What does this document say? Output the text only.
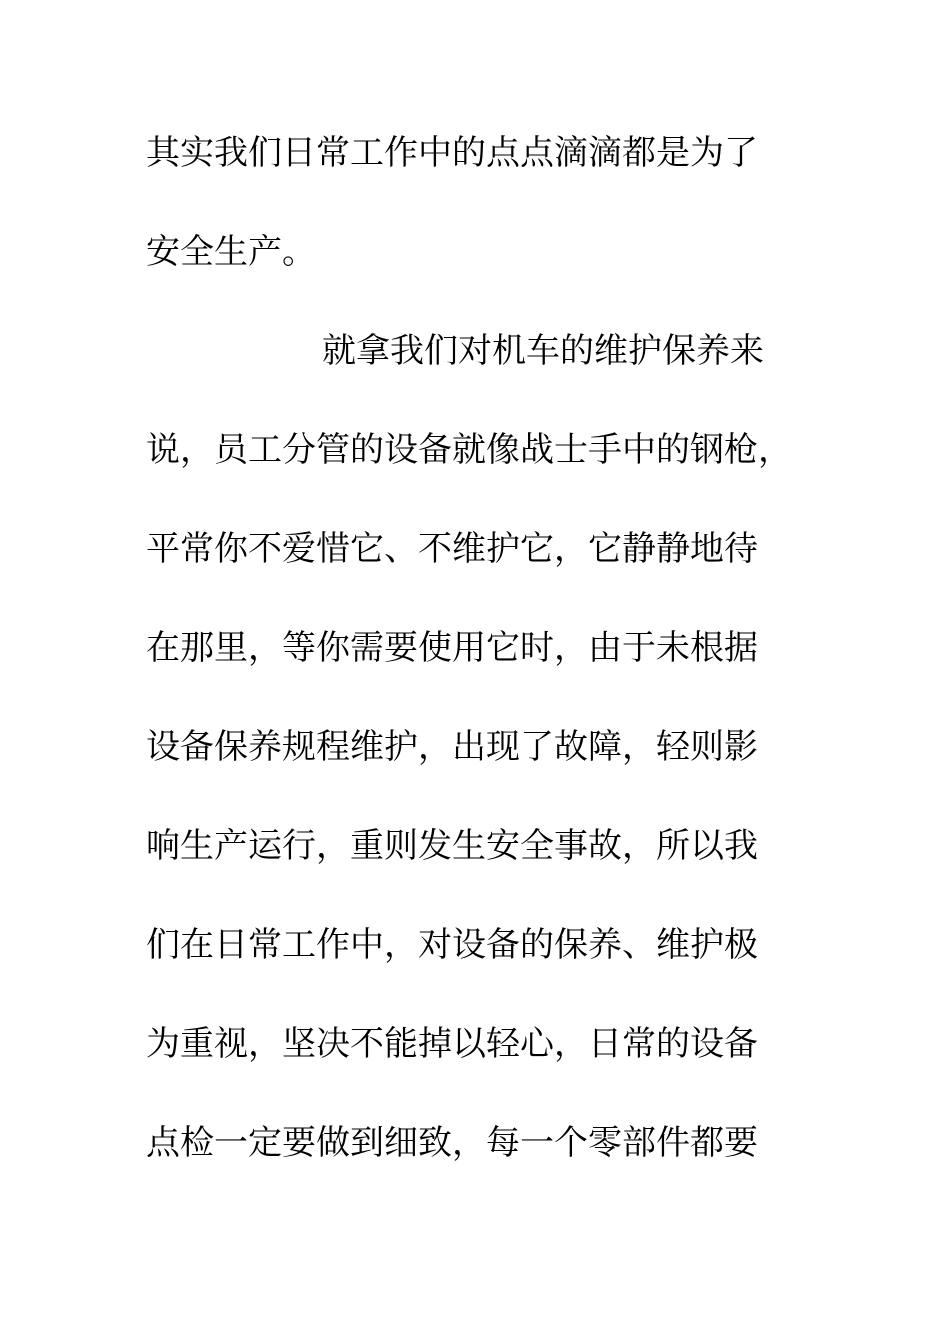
其实我们日常工作中的点点滴滴都是为了
安全生产。
就拿我们对机车的维护保养来
说，员工分管的设备就像战士手中的钢枪，
平常你不爱惜它、不维护它，它静静地待
在那里，等你需要使用它时，由于未根据
设备保养规程维护，出现了故障，轻则影
响生产运行，重则发生安全事故，所以我
们在日常工作中，对设备的保养、维护极
为重视，坚决不能掉以轻心，日常的设备
点检一定要做到细致，每一个零部件都要
